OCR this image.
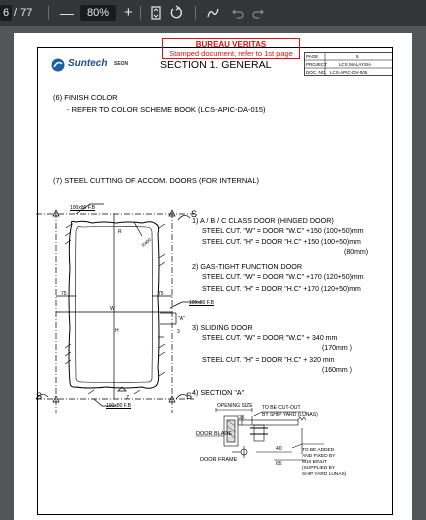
6 / 77 —	80% +
BUREAU VERITAS
Stamped document, refer to 1st page
Suntech SEON	SECTION 1. GENERAL
PAGE	5
PROJECT	LCS MALAYSIA
DOC. NO. LCS-APIC-DV-005
(6) FINISH COLOR
- REFER TO COLOR SCHEME BOOK (LCS-APIC-DA-015)
(7) STEEL CUTTING OF ACCOM. DOORS (FOR INTERNAL)
100x80 F.B
100x80 F.B
100x80 F.B
R
R400
75	75
W
H
"A"
3
S
S	S
Z
1) A / B / C CLASS DOOR (HINGED DOOR)
STEEL CUT. "W" = DOOR "W.C" +150 (100+50)mm
STEEL CUT. "H" = DOOR "H.C" +150 (100+50)mm
(80mm)
2) GAS-TIGHT FUNCTION DOOR
STEEL CUT. "W" = DOOR "W.C" +170 (120+50)mm
STEEL CUT. "H" = DOOR "H.C" +170 (120+50)mm
3) SLIDING DOOR
STEEL CUT. "W" = DOOR "W.C" + 340 mm
(170mm )
STEEL CUT. "H" = DOOR "H.C" + 320 mm
(160mm )
4) SECTION "A"
OPENING SIZE
25
TO BE CUT-OUT
BY SHIP YARD (LUNAS)
DOOR BLADE
DOOR FRAME
40
65
TO BE ADDED
AND FIXED BY
M10 B/NUT
(SUPPLIED BY
SHIP YARD LUNAS)
